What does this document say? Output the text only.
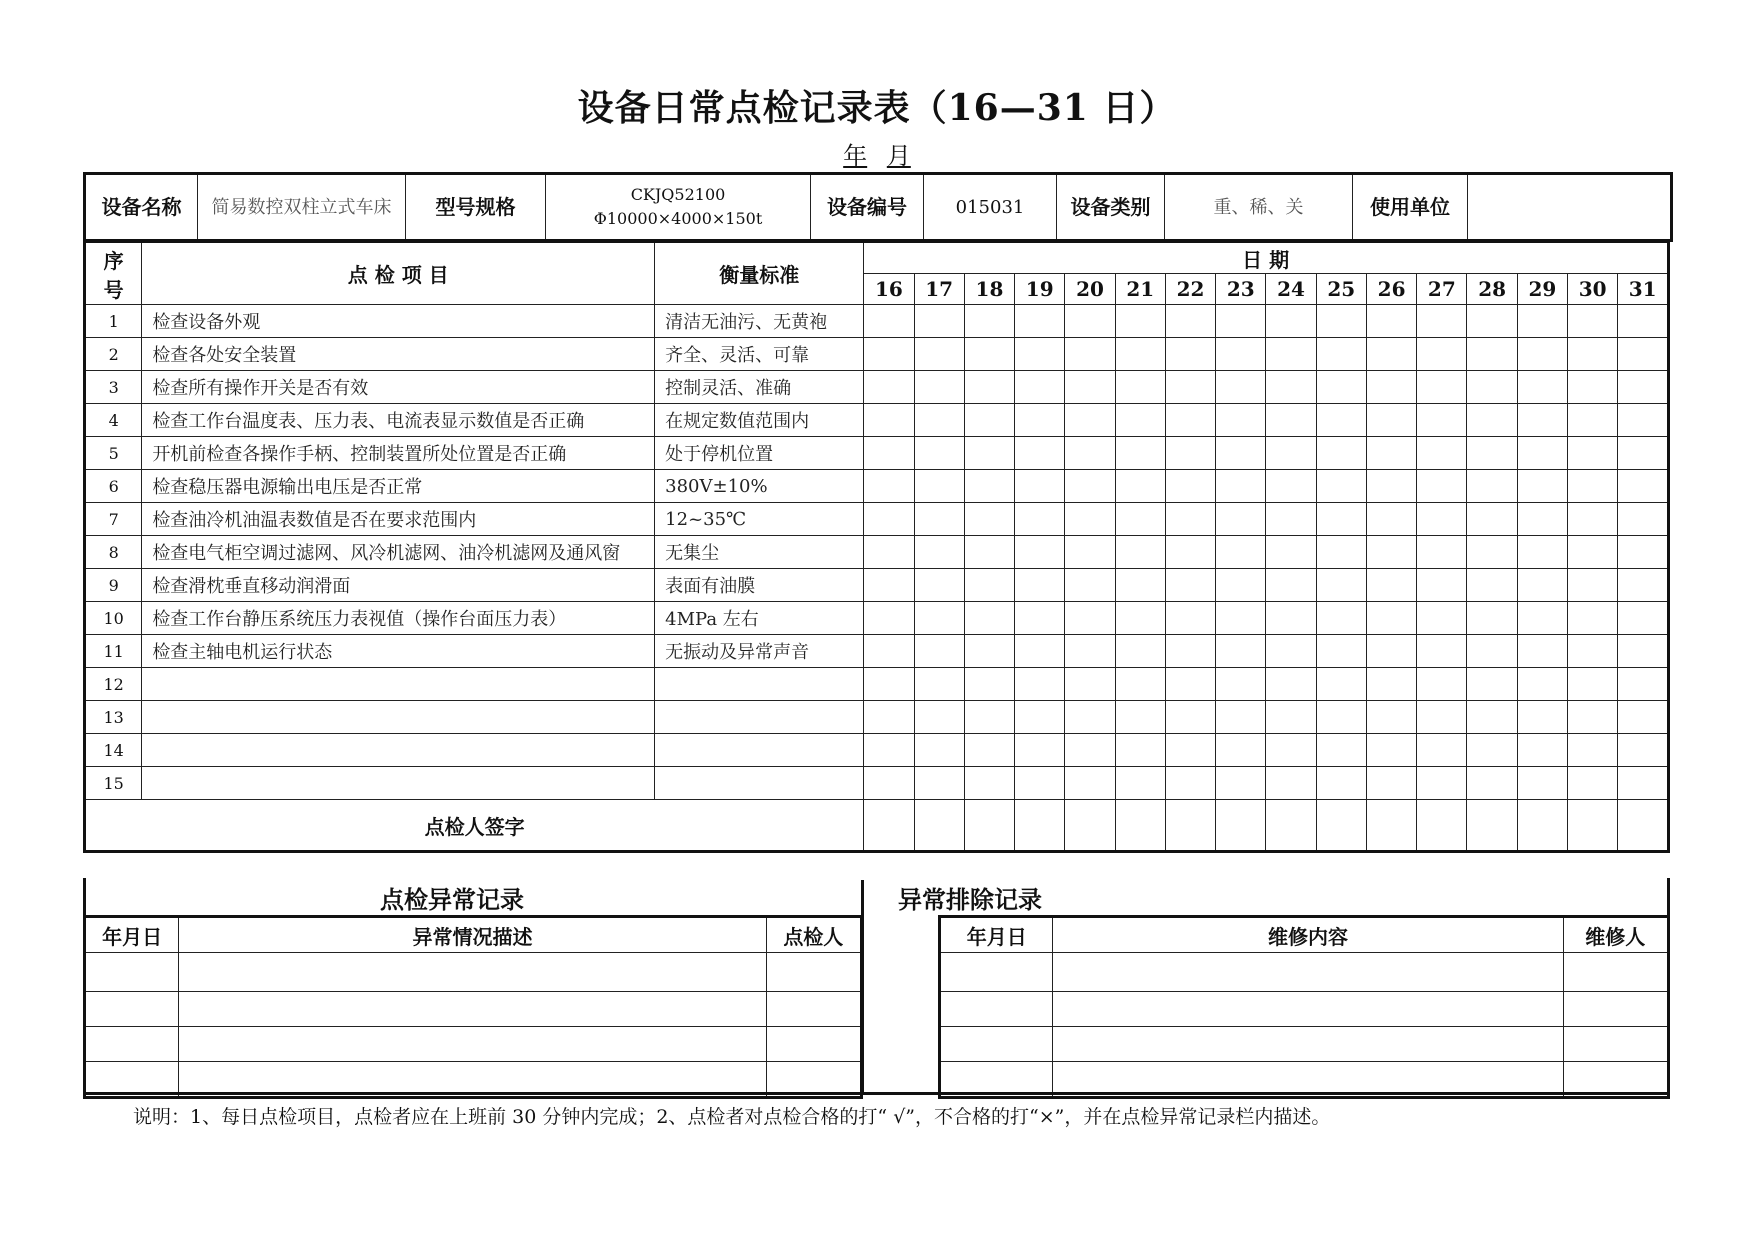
设备日常点检记录表（16—31 日）
年 月
设备名称	简易数控双柱立式车床	型号规格	
CKJQ52100
Φ10000×4000×150t	设备编号	015031	设备类别	重、稀、关	使用单位	
序号	点 检 项 目	衡量标准	日 期															
			16	17	18	19	20	21	22	23	24	25	26	27	28	29	30	31
1	检查设备外观	清洁无油污、无黄袍																
2	检查各处安全装置	齐全、灵活、可靠																
3	检查所有操作开关是否有效	控制灵活、准确																
4	检查工作台温度表、压力表、电流表显示数值是否正确	在规定数值范围内																
5	开机前检查各操作手柄、控制装置所处位置是否正确	处于停机位置																
6	检查稳压器电源输出电压是否正常	380V±10%																
7	检查油冷机油温表数值是否在要求范围内	12~35℃																
8	检查电气柜空调过滤网、风冷机滤网、油冷机滤网及通风窗	无集尘																
9	检查滑枕垂直移动润滑面	表面有油膜																
10	检查工作台静压系统压力表视值（操作台面压力表）	4MPa 左右																
11	检查主轴电机运行状态	无振动及异常声音																
12																		
13																		
14																		
15																		
点检人签字																		
点检异常记录	异常排除记录
年月日	异常情况描述	点检人

			年月日	维修内容	维修人

说明：1、每日点检项目，点检者应在上班前 30 分钟内完成；2、点检者对点检合格的打“ √”，不合格的打“×”，并在点检异常记录栏内描述。
